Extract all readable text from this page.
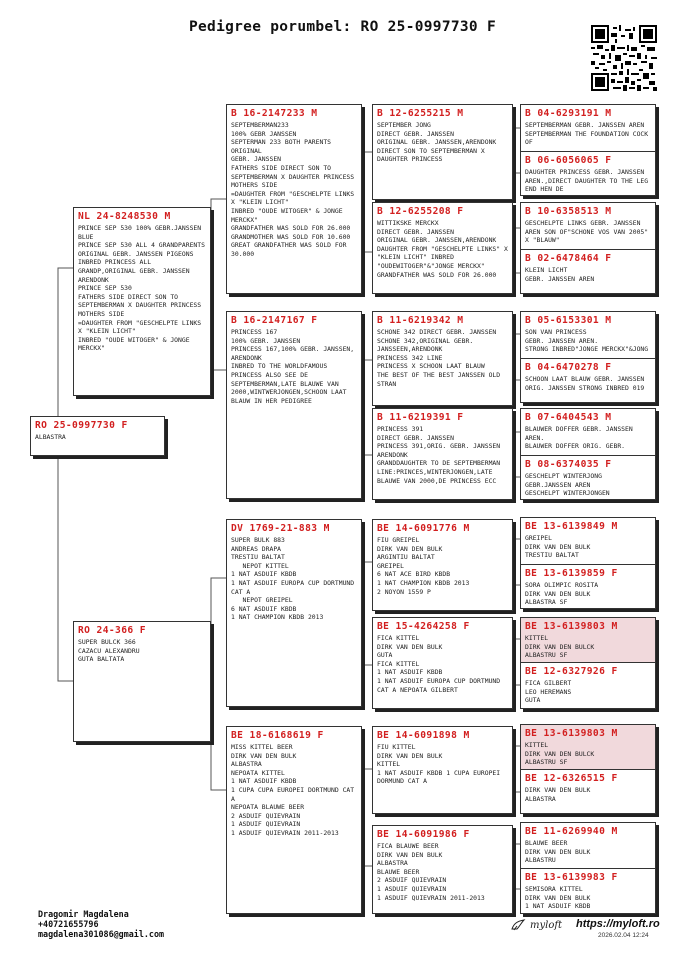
Pedigree porumbel: RO 25-0997730 F
RO 25-0997730 F
ALBASTRA
NL 24-8248530 M
PRINCE SEP 530 100% GEBR.JANSSEN BLUE
PRINCE SEP 530 ALL 4 GRANDPARENTS
ORIGINAL GEBR. JANSSEN PIGEONS
INBRED PRINCESS ALL GRANDP,ORIGINAL GEBR. JANSSEN
ARENDONK
PRINCE SEP 530
FATHERS SIDE DIRECT SON TO SEPTEMBERMAN X DAUGHTER PRINCESS
MOTHERS SIDE
=DAUGHTER FROM "GESCHELPTE LINKS X "KLEIN LICHT"
INBRED "OUDE WITOGER" & JONGE MERCKX"
RO 24-366 F
SUPER BULCK 366
CAZACU ALEXANDRU
GUTA BALTATA
B 16-2147233 M
SEPTEMBERMAN233
100% GEBR JANSSEN
SEPTERMAN 233 BOTH PARENTS ORIGINAL
GEBR. JANSSEN
FATHERS SIDE DIRECT SON TO SEPTEMBERMAN X DAUGHTER PRINCESS
MOTHERS SIDE
=DAUGHTER FROM "GESCHELPTE LINKS X "KLEIN LICHT"
INBRED "OUDE WITOGER" & JONGE MERCKX"
GRANDFATHER WAS SOLD FOR 26.000
GRANDMOTHER WAS SOLD FOR 10.600
GREAT GRANDFATHER WAS SOLD FOR 30.000
B 16-2147167 F
PRINCESS 167
100% GEBR. JANSSEN
PRINCESS 167,100% GEBR. JANSSEN,
ARENDONK
INBRED TO THE WORLDFAMOUS PRINCESS ALSO SEE DE SEPTEMBERMAN,LATE BLAUWE VAN 2000,WINTWERJONGEN,SCHOON LAAT BLAUW IN HER PEDIGREE
DV 1769-21-883 M
SUPER BULK 883
ANDREAS DRAPA
TRESTIU BALTAT
NEPOT KITTEL
1 NAT ASDUIF KBDB
1 NAT ASDUIF EUROPA CUP DORTMUND CAT A
NEPOT GREIPEL
6 NAT ASDUIF KBDB
1 NAT CHAMPION KBDB 2013
BE 18-6168619 F
MISS KITTEL BEER
DIRK VAN DEN BULK
ALBASTRA
NEPOATA KITTEL
1 NAT ASDUIF KBDB
1 CUPA CUPA EUROPEI DORTMUND CAT A
NEPOATA BLAUWE BEER
2 ASDUIF QUIEVRAIN
1 ASDUIF QUIEVRAIN
1 ASDUIF QUIEVRAIN 2011-2013
B 12-6255215 M
SEPTEMBER JONG
DIRECT GEBR. JANSSEN
ORIGINAL GEBR. JANSSEN,ARENDONK
DIRECT SON TO SEPTEMBERMAN X DAUGHTER PRINCESS
B 12-6255208 F
WITTIKSKE MERCKX
DIRECT GEBR. JANSSEN
ORIGINAL GEBR. JANSSEN,ARENDONK
DAUGHTER FROM "GESCHELPTE LINKS" X "KLEIN LICHT" INBRED "OUDEWITOGER"&"JONGE MERCKX"
GRANDFATHER WAS SOLD FOR 26.000
B 11-6219342 M
SCHONE 342 DIRECT GEBR. JANSSEN
SCHONE 342,ORIGINAL GEBR. JANSSEEN,ARENDONK
PRINCESS 342 LINE
PRINCESS X SCHOON LAAT BLAUW
THE BEST OF THE BEST JANSSEN OLD STRAN
B 11-6219391 F
PRINCESS 391
DIRECT GEBR. JANSSEN
PRINCESS 391,ORIG. GEBR. JANSSEN ARENDONK
GRANDDAUGHTER TO DE SEPTEMBERMAN LINE:PRINCES,WINTERJONGEN,LATE BLAUWE VAN 2000,DE PRINCESS ECC
BE 14-6091776 M
FIU GREIPEL
DIRK VAN DEN BULK
ARGINTIU BALTAT
GREIPEL
6 NAT ACE BIRD KBDB
1 NAT CHAMPION KBDB 2013
2 NOYON 1559 P
BE 15-4264258 F
FICA KITTEL
DIRK VAN DEN BULK
GUTA
FICA KITTEL
1 NAT ASDUIF KBDB
1 NAT ASDUIF EUROPA CUP DORTMUND CAT A NEPOATA GILBERT
BE 14-6091898 M
FIU KITTEL
DIRK VAN DEN BULK
KITTEL
1 NAT ASDUIF KBDB 1 CUPA EUROPEI DORMUND CAT A
BE 14-6091986 F
FICA BLAUWE BEER
DIRK VAN DEN BULK
ALBASTRA
BLAUWE BEER
2 ASDUIF QUIEVRAIN
1 ASDUIF QUIEVRAIN
1 ASDUIF QUIEVRAIN 2011-2013
B 04-6293191 M
SEPTEMBERMAN GEBR. JANSSEN AREN
SEPTEMBERMAN THE FOUNDATION COCK OF
B 06-6056065 F
DAUGHTER PRINCESS GEBR. JANSSEN AREN.,DIRECT DAUGHTER TO THE LEG END HEN DE
B 10-6358513 M
GESCHELPTE LINKS GEBR. JANSSEN AREN SON OF"SCHONE VOS VAN 2005" X "BLAUW"
B 02-6478464 F
KLEIN LICHT
GEBR. JANSSEN AREN
B 05-6153301 M
SON VAN PRINCESS
GEBR. JANSSEN AREN.
STRONG INBRED"JONGE MERCKX"&JONG
B 04-6470278 F
SCHOON LAAT BLAUW GEBR. JANSSEN ORIG. JANSSEN STRONG INBRED 019
B 07-6404543 M
BLAUWER DOFFER GEBR. JANSSEN AREN.
BLAUWER DOFFER ORIG. GEBR.
B 08-6374035 F
GESCHELPT WINTERJONG
GEBR.JANSSEN AREN
GESCHELPT WINTERJONGEN
BE 13-6139849 M
GREIPEL
DIRK VAN DEN BULK
TRESTIU BALTAT
BE 13-6139859 F
SORA OLIMPIC ROSITA
DIRK VAN DEN BULK
ALBASTRA SF
BE 13-6139803 M
KITTEL
DIRK VAN DEN BULCK
ALBASTRU SF
BE 12-6327926 F
FICA GILBERT
LEO HEREMANS
GUTA
BE 13-6139803 M
KITTEL
DIRK VAN DEN BULCK
ALBASTRU SF
BE 12-6326515 F
DIRK VAN DEN BULK
ALBASTRA
BE 11-6269940 M
BLAUWE BEER
DIRK VAN DEN BULK
ALBASTRU
BE 13-6139983 F
SEMISORA KITTEL
DIRK VAN DEN BULK
1 NAT ASDUIF KBDB
Dragomir Magdalena
+40721655796
magdalena301086@gmail.com
myloft https://myloft.ro
2026.02.04 12:24
